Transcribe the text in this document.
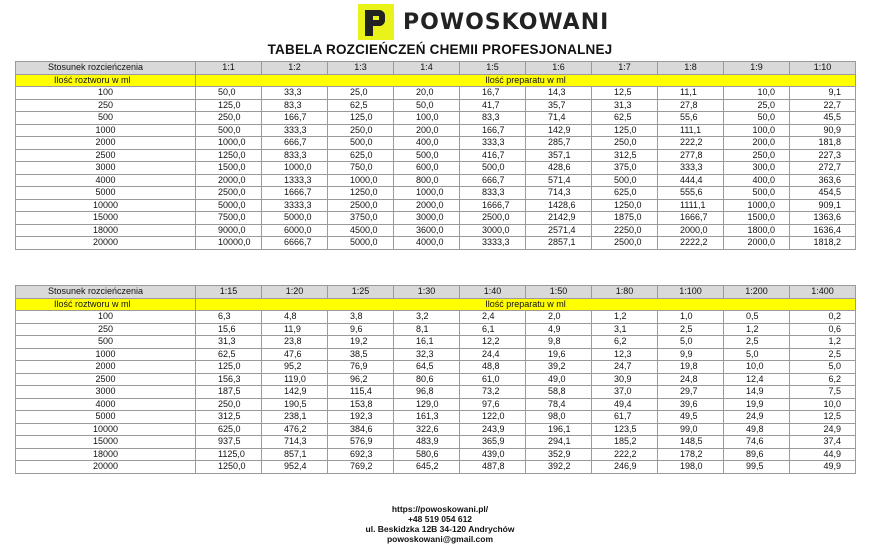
POWOSKOWANI
TABELA ROZCIEŃCZEŃ CHEMII PROFESJONALNEJ
Stosunek rozcieńczenia	1:1	1:2	1:3	1:4	1:5	1:6	1:7	1:8	1:9	1:10
Ilość roztworu w ml	Ilość preparatu w ml									
100	50,0	33,3	25,0	20,0	16,7	14,3	12,5	11,1	10,0	9,1
250	125,0	83,3	62,5	50,0	41,7	35,7	31,3	27,8	25,0	22,7
500	250,0	166,7	125,0	100,0	83,3	71,4	62,5	55,6	50,0	45,5
1000	500,0	333,3	250,0	200,0	166,7	142,9	125,0	111,1	100,0	90,9
2000	1000,0	666,7	500,0	400,0	333,3	285,7	250,0	222,2	200,0	181,8
2500	1250,0	833,3	625,0	500,0	416,7	357,1	312,5	277,8	250,0	227,3
3000	1500,0	1000,0	750,0	600,0	500,0	428,6	375,0	333,3	300,0	272,7
4000	2000,0	1333,3	1000,0	800,0	666,7	571,4	500,0	444,4	400,0	363,6
5000	2500,0	1666,7	1250,0	1000,0	833,3	714,3	625,0	555,6	500,0	454,5
10000	5000,0	3333,3	2500,0	2000,0	1666,7	1428,6	1250,0	1111,1	1000,0	909,1
15000	7500,0	5000,0	3750,0	3000,0	2500,0	2142,9	1875,0	1666,7	1500,0	1363,6
18000	9000,0	6000,0	4500,0	3600,0	3000,0	2571,4	2250,0	2000,0	1800,0	1636,4
20000	10000,0	6666,7	5000,0	4000,0	3333,3	2857,1	2500,0	2222,2	2000,0	1818,2
Stosunek rozcieńczenia	1:15	1:20	1:25	1:30	1:40	1:50	1:80	1:100	1:200	1:400
Ilość roztworu w ml	Ilość preparatu w ml									
100	6,3	4,8	3,8	3,2	2,4	2,0	1,2	1,0	0,5	0,2
250	15,6	11,9	9,6	8,1	6,1	4,9	3,1	2,5	1,2	0,6
500	31,3	23,8	19,2	16,1	12,2	9,8	6,2	5,0	2,5	1,2
1000	62,5	47,6	38,5	32,3	24,4	19,6	12,3	9,9	5,0	2,5
2000	125,0	95,2	76,9	64,5	48,8	39,2	24,7	19,8	10,0	5,0
2500	156,3	119,0	96,2	80,6	61,0	49,0	30,9	24,8	12,4	6,2
3000	187,5	142,9	115,4	96,8	73,2	58,8	37,0	29,7	14,9	7,5
4000	250,0	190,5	153,8	129,0	97,6	78,4	49,4	39,6	19,9	10,0
5000	312,5	238,1	192,3	161,3	122,0	98,0	61,7	49,5	24,9	12,5
10000	625,0	476,2	384,6	322,6	243,9	196,1	123,5	99,0	49,8	24,9
15000	937,5	714,3	576,9	483,9	365,9	294,1	185,2	148,5	74,6	37,4
18000	1125,0	857,1	692,3	580,6	439,0	352,9	222,2	178,2	89,6	44,9
20000	1250,0	952,4	769,2	645,2	487,8	392,2	246,9	198,0	99,5	49,9
https://powoskowani.pl/
+48 519 054 612
ul. Beskidzka 12B 34-120 Andrychów
powoskowani@gmail.com
